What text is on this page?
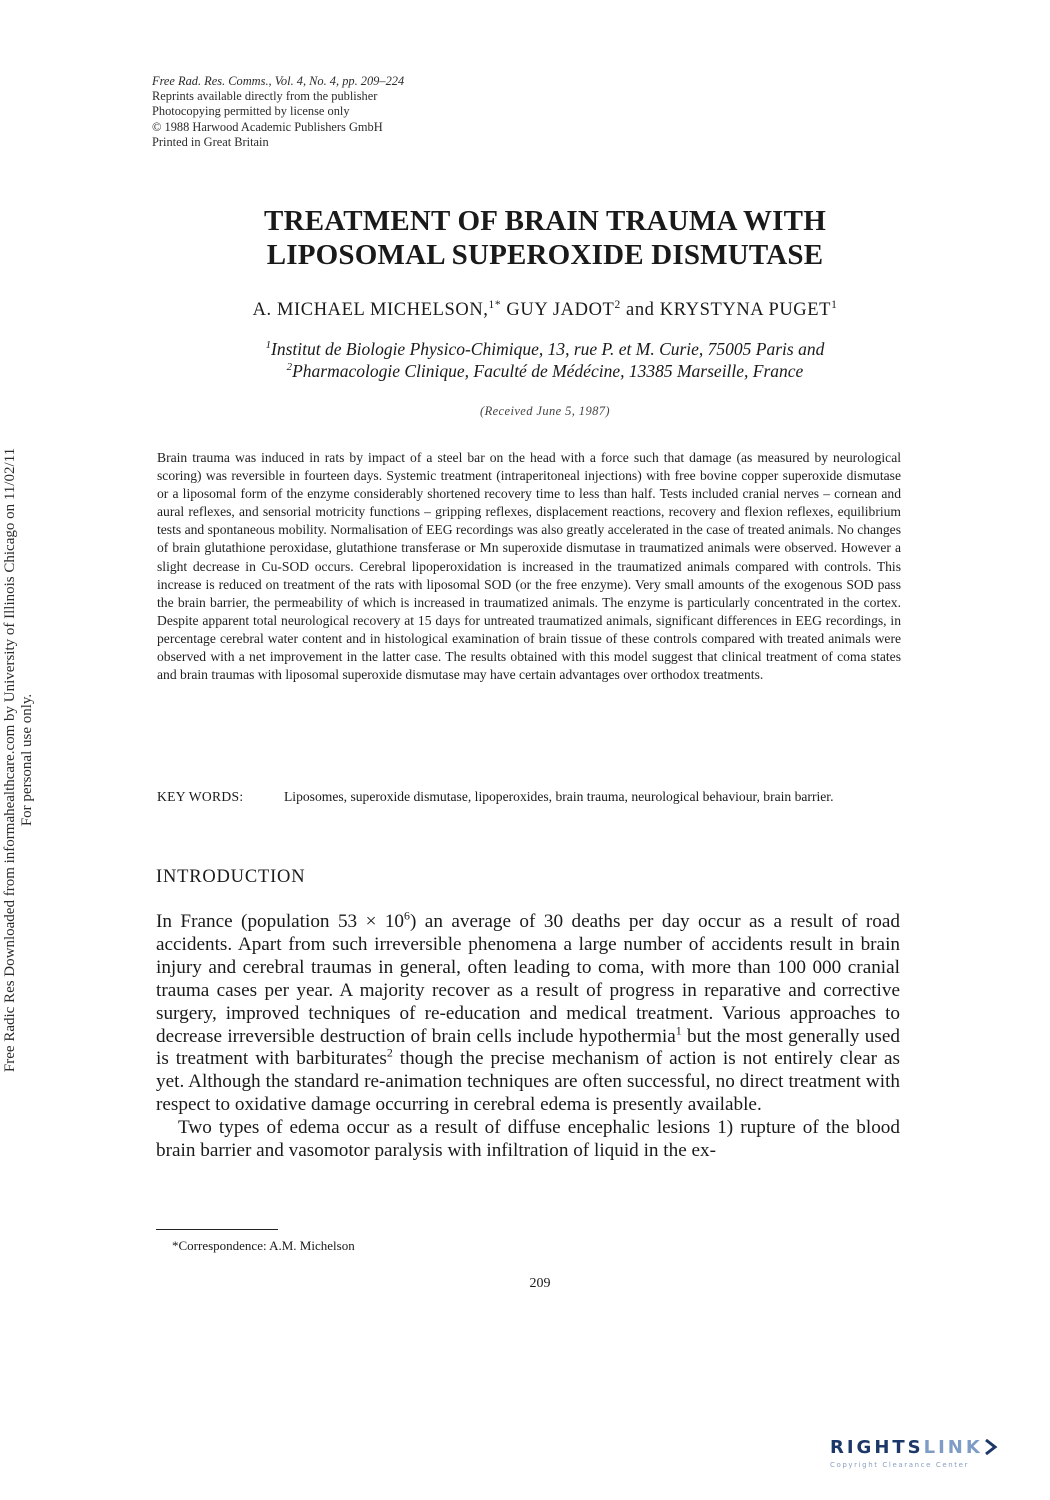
Free Radic Res Downloaded from informahealthcare.com by University of Illinois Chicago on 11/02/11 For personal use only.
Free Rad. Res. Comms., Vol. 4, No. 4, pp. 209–224
Reprints available directly from the publisher
Photocopying permitted by license only
© 1988 Harwood Academic Publishers GmbH
Printed in Great Britain
TREATMENT OF BRAIN TRAUMA WITH
LIPOSOMAL SUPEROXIDE DISMUTASE
A. MICHAEL MICHELSON,$^{1*}$ GUY JADOT$^2$ and KRYSTYNA PUGET$^1$
$^1$Institut de Biologie Physico-Chimique, 13, rue P. et M. Curie, 75005 Paris and
$^2$Pharmacologie Clinique, Faculté de Médécine, 13385 Marseille, France
(Received June 5, 1987)
Brain trauma was induced in rats by impact of a steel bar on the head with a force such that damage (as measured by neurological scoring) was reversible in fourteen days. Systemic treatment (intraperitoneal injections) with free bovine copper superoxide dismutase or a liposomal form of the enzyme considerably shortened recovery time to less than half. Tests included cranial nerves – cornean and aural reflexes, and sensorial motricity functions – gripping reflexes, displacement reactions, recovery and flexion reflexes, equilibrium tests and spontaneous mobility. Normalisation of EEG recordings was also greatly accelerated in the case of treated animals. No changes of brain glutathione peroxidase, glutathione transferase or Mn superoxide dismutase in traumatized animals were observed. However a slight decrease in Cu-SOD occurs. Cerebral lipoperoxidation is increased in the traumatized animals compared with controls. This increase is reduced on treatment of the rats with liposomal SOD (or the free enzyme). Very small amounts of the exogenous SOD pass the brain barrier, the permeability of which is increased in traumatized animals. The enzyme is particularly concentrated in the cortex. Despite apparent total neurological recovery at 15 days for untreated traumatized animals, significant differences in EEG recordings, in percentage cerebral water content and in histological examination of brain tissue of these controls compared with treated animals were observed with a net improvement in the latter case. The results obtained with this model suggest that clinical treatment of coma states and brain traumas with liposomal superoxide dismutase may have certain advantages over orthodox treatments.
KEY WORDS:	Liposomes, superoxide dismutase, lipoperoxides, brain trauma, neurological behaviour, brain barrier.
INTRODUCTION

In France (population $53 \times 10^6$) an average of 30 deaths per day occur as a result of road accidents. Apart from such irreversible phenomena a large number of accidents result in brain injury and cerebral traumas in general, often leading to coma, with more than 100 000 cranial trauma cases per year. A majority recover as a result of progress in reparative and corrective surgery, improved techniques of re-education and medical treatment. Various approaches to decrease irreversible destruction of brain cells include hypothermia$^1$ but the most generally used is treatment with barbiturates$^2$ though the precise mechanism of action is not entirely clear as yet. Although the standard re-animation techniques are often successful, no direct treatment with respect to oxidative damage occurring in cerebral edema is presently available.

Two types of edema occur as a result of diffuse encephalic lesions 1) rupture of the blood brain barrier and vasomotor paralysis with infiltration of liquid in the ex-

*Correspondence: A.M. Michelson
209
RIGHTSLINK
Copyright Clearance Center
